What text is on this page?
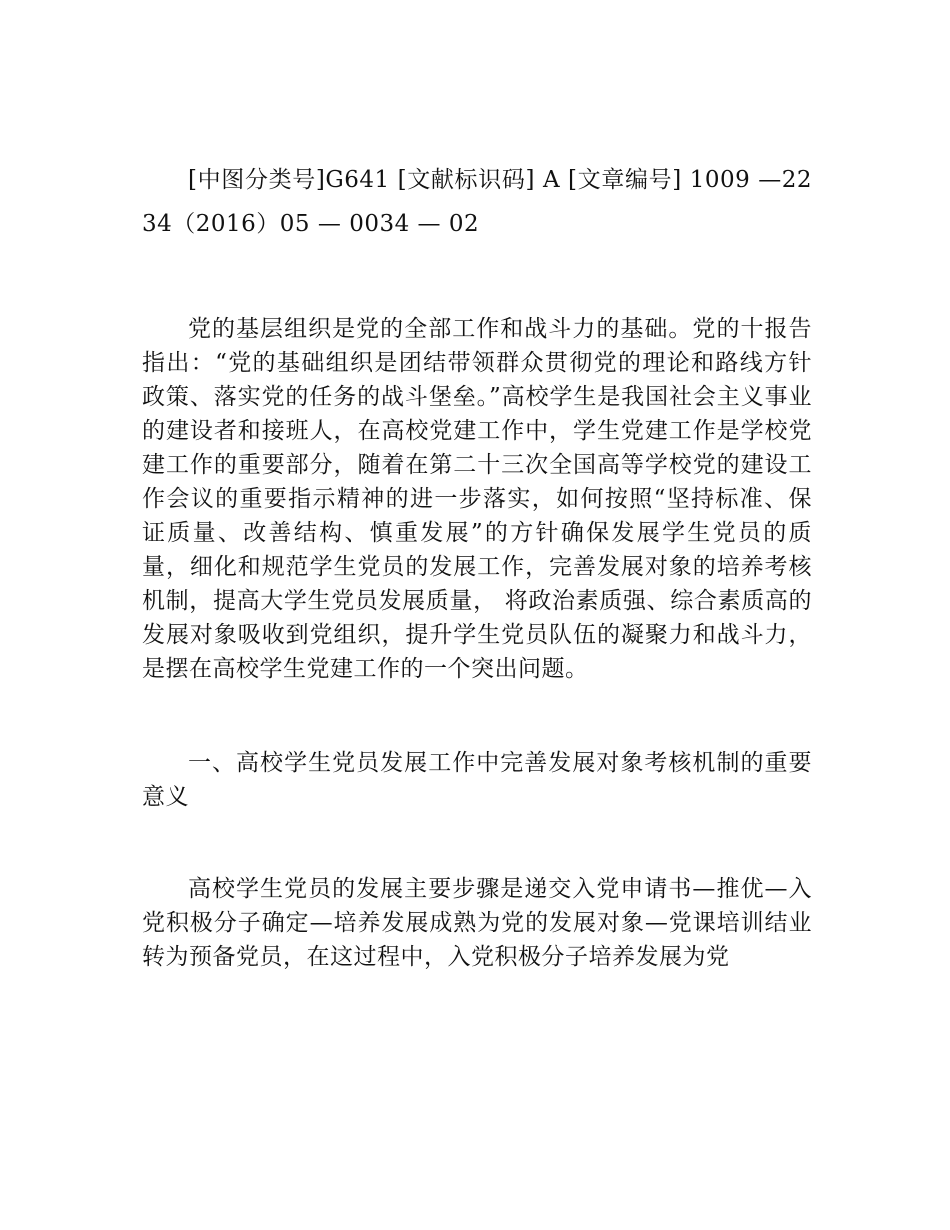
[中图分类号]G641 [文献标识码] A [文章编号] 1009 —2234（2016）05 — 0034 — 02

党的基层组织是党的全部工作和战斗力的基础。党的十报告指出：“党的基础组织是团结带领群众贯彻党的理论和路线方针政策、落实党的任务的战斗堡垒。”高校学生是我国社会主义事业的建设者和接班人，在高校党建工作中，学生党建工作是学校党建工作的重要部分，随着在第二十三次全国高等学校党的建设工作会议的重要指示精神的进一步落实，如何按照“坚持标准、保证质量、改善结构、慎重发展”的方针确保发展学生党员的质量，细化和规范学生党员的发展工作，完善发展对象的培养考核机制，提高大学生党员发展质量， 将政治素质强、综合素质高的发展对象吸收到党组织，提升学生党员队伍的凝聚力和战斗力，是摆在高校学生党建工作的一个突出问题。

一、高校学生党员发展工作中完善发展对象考核机制的重要意义

高校学生党员的发展主要步骤是递交入党申请书—推优—入党积极分子确定—培养发展成熟为党的发展对象—党课培训结业转为预备党员，在这过程中，入党积极分子培养发展为党
